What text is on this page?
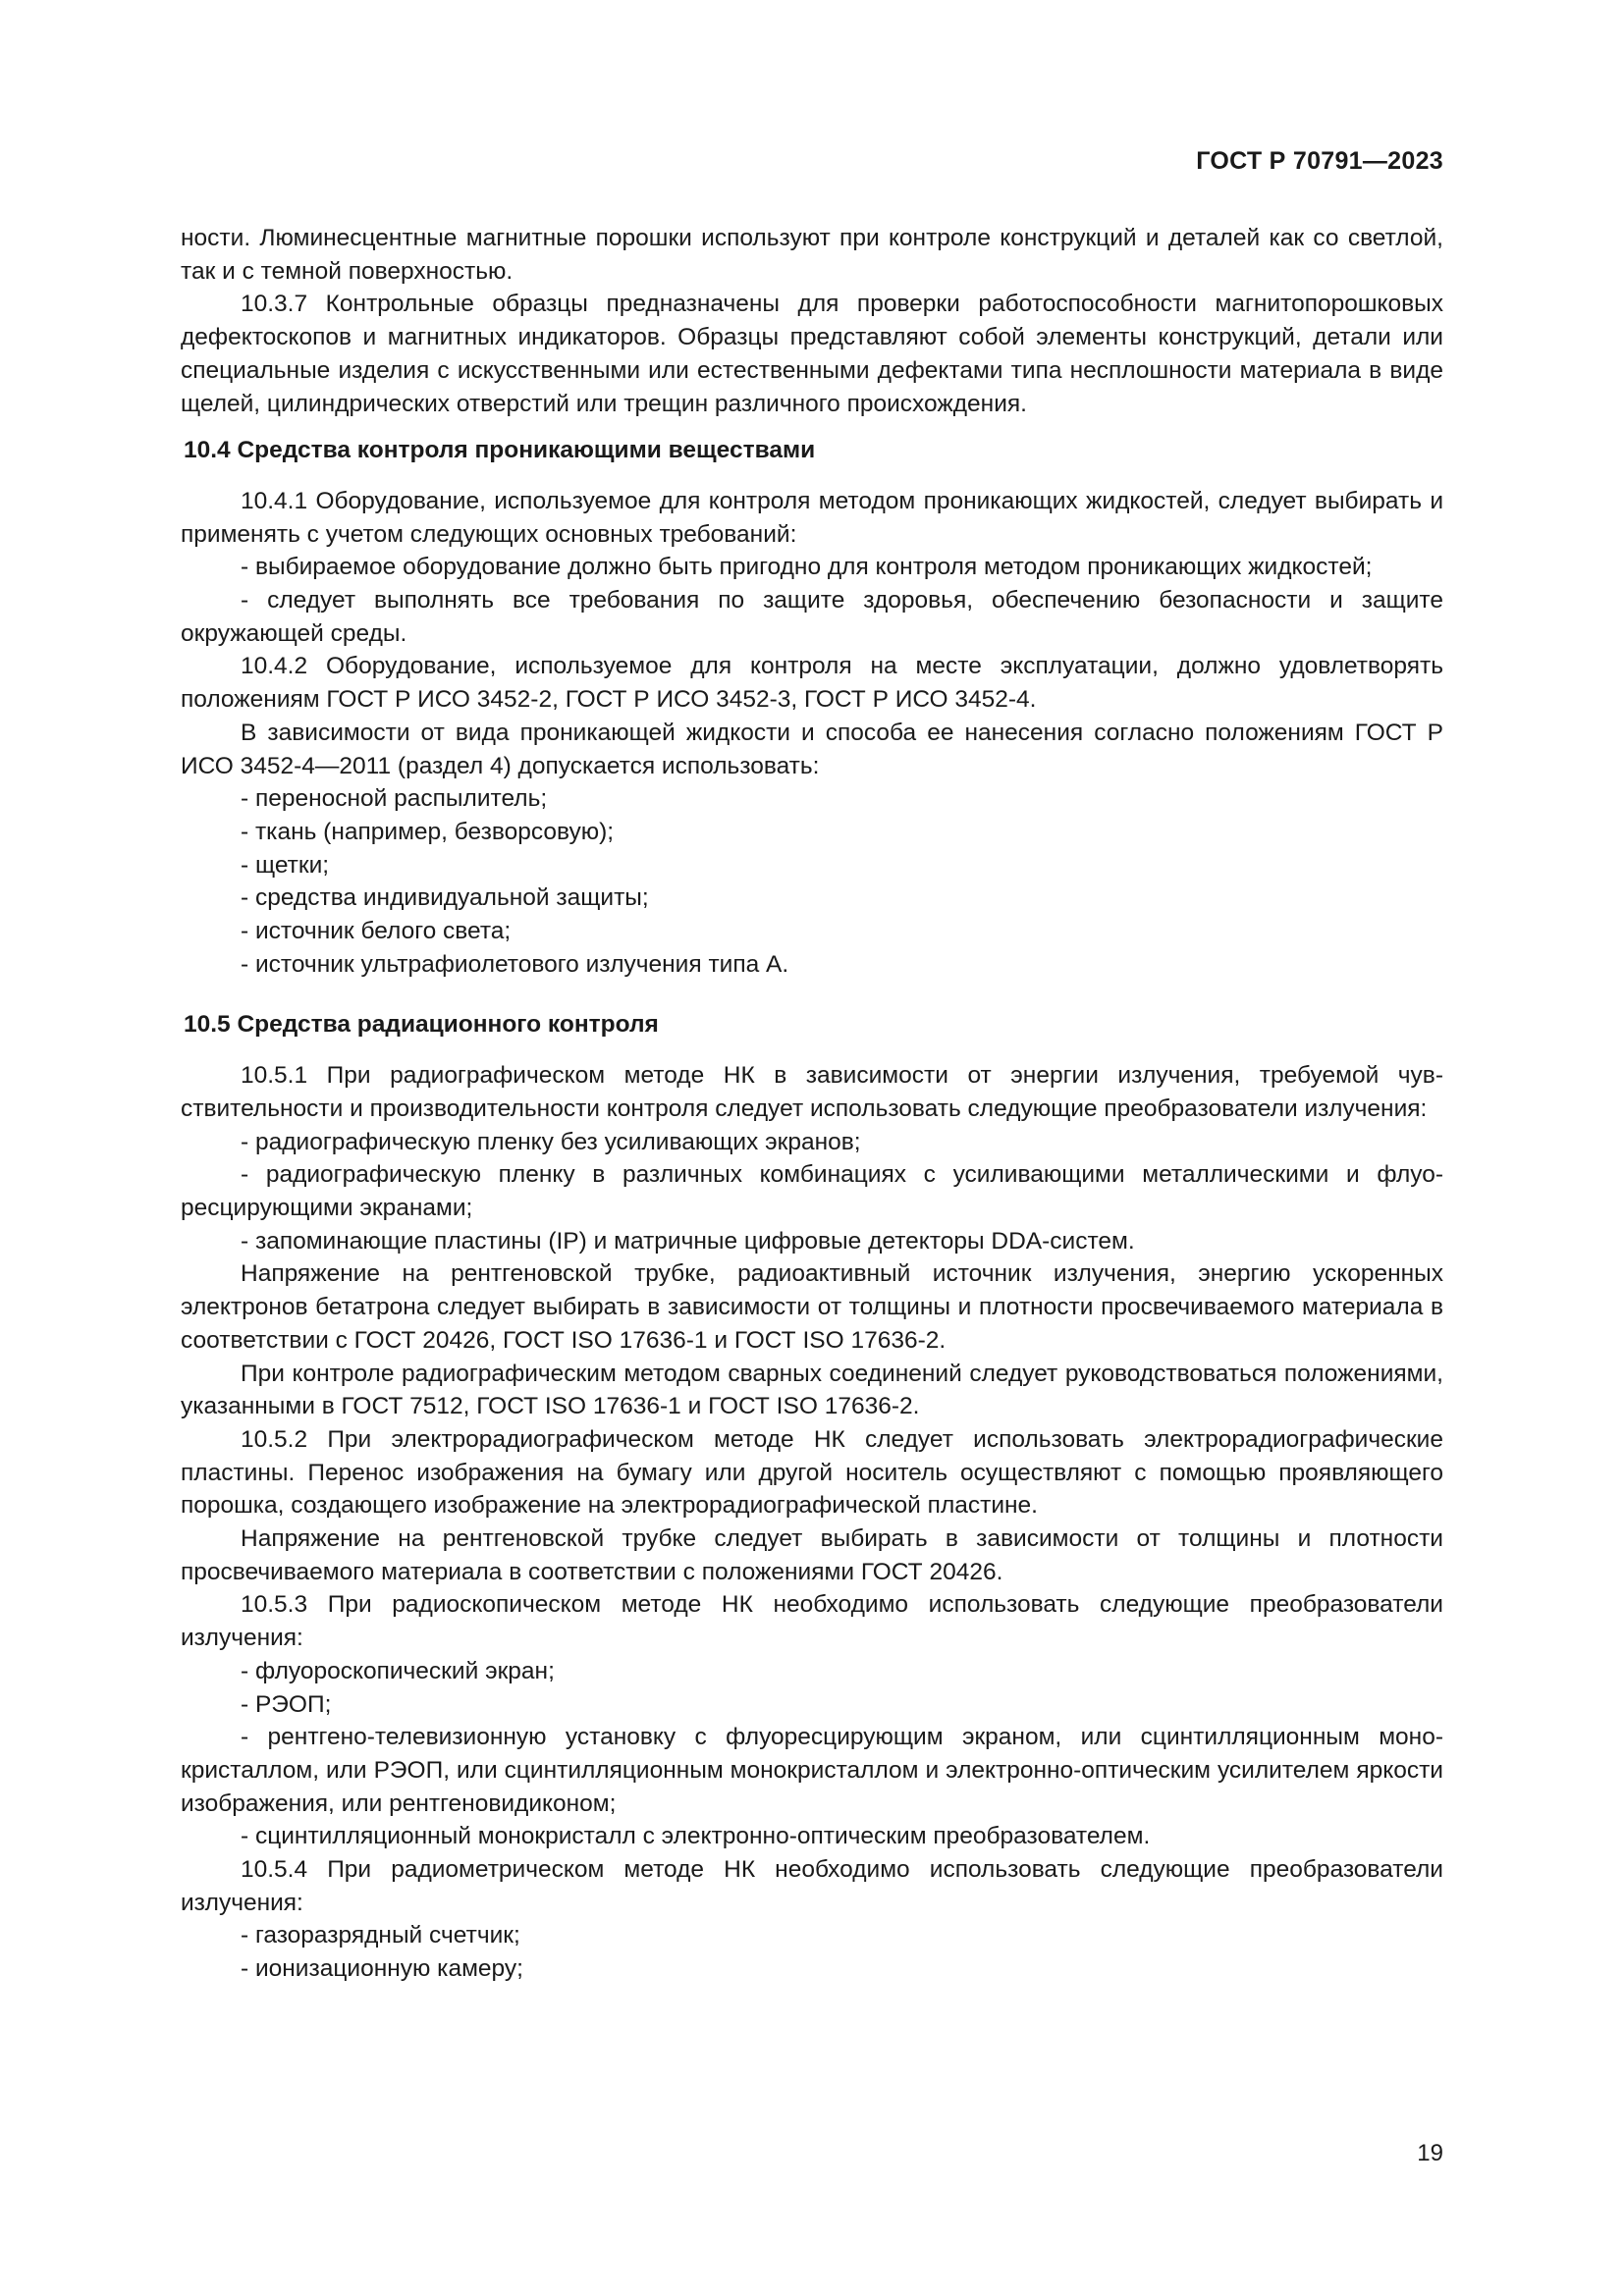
ГОСТ Р 70791—2023

ности. Люминесцентные магнитные порошки используют при контроле конструкций и деталей как со светлой, так и с темной поверхностью.

10.3.7 Контрольные образцы предназначены для проверки работоспособности магнитопорошковых дефектоскопов и магнитных индикаторов. Образцы представляют собой элементы конструкций, детали или специальные изделия с искусственными или естественными дефектами типа несплошности материала в виде щелей, цилиндрических отверстий или трещин различного происхождения.

10.4 Средства контроля проникающими веществами

10.4.1 Оборудование, используемое для контроля методом проникающих жидкостей, следует выбирать и применять с учетом следующих основных требований:

- выбираемое оборудование должно быть пригодно для контроля методом проникающих жидкостей;

- следует выполнять все требования по защите здоровья, обеспечению безопасности и защите окружающей среды.

10.4.2 Оборудование, используемое для контроля на месте эксплуатации, должно удовлетворять положениям ГОСТ Р ИСО 3452-2, ГОСТ Р ИСО 3452-3, ГОСТ Р ИСО 3452-4.

В зависимости от вида проникающей жидкости и способа ее нанесения согласно положениям ГОСТ Р ИСО 3452-4—2011 (раздел 4) допускается использовать:

- переносной распылитель;

- ткань (например, безворсовую);

- щетки;

- средства индивидуальной защиты;

- источник белого света;

- источник ультрафиолетового излучения типа А.

10.5 Средства радиационного контроля

10.5.1 При радиографическом методе НК в зависимости от энергии излучения, требуемой чувствительности и производительности контроля следует использовать следующие преобразователи излучения:

- радиографическую пленку без усиливающих экранов;

- радиографическую пленку в различных комбинациях с усиливающими металлическими и флуоресцирующими экранами;

- запоминающие пластины (IP) и матричные цифровые детекторы DDA-систем.

Напряжение на рентгеновской трубке, радиоактивный источник излучения, энергию ускоренных электронов бетатрона следует выбирать в зависимости от толщины и плотности просвечиваемого материала в соответствии с ГОСТ 20426, ГОСТ ISO 17636-1 и ГОСТ ISO 17636-2.

При контроле радиографическим методом сварных соединений следует руководствоваться положениями, указанными в ГОСТ 7512, ГОСТ ISO 17636-1 и ГОСТ ISO 17636-2.

10.5.2 При электрорадиографическом методе НК следует использовать электрорадиографические пластины. Перенос изображения на бумагу или другой носитель осуществляют с помощью проявляющего порошка, создающего изображение на электрорадиографической пластине.

Напряжение на рентгеновской трубке следует выбирать в зависимости от толщины и плотности просвечиваемого материала в соответствии с положениями ГОСТ 20426.

10.5.3 При радиоскопическом методе НК необходимо использовать следующие преобразователи излучения:

- флуороскопический экран;

- РЭОП;

- рентгено-телевизионную установку с флуоресцирующим экраном, или сцинтилляционным монокристаллом, или РЭОП, или сцинтилляционным монокристаллом и электронно-оптическим усилителем яркости изображения, или рентгеновидиконом;

- сцинтилляционный монокристалл с электронно-оптическим преобразователем.

10.5.4 При радиометрическом методе НК необходимо использовать следующие преобразователи излучения:

- газоразрядный счетчик;

- ионизационную камеру;

19
